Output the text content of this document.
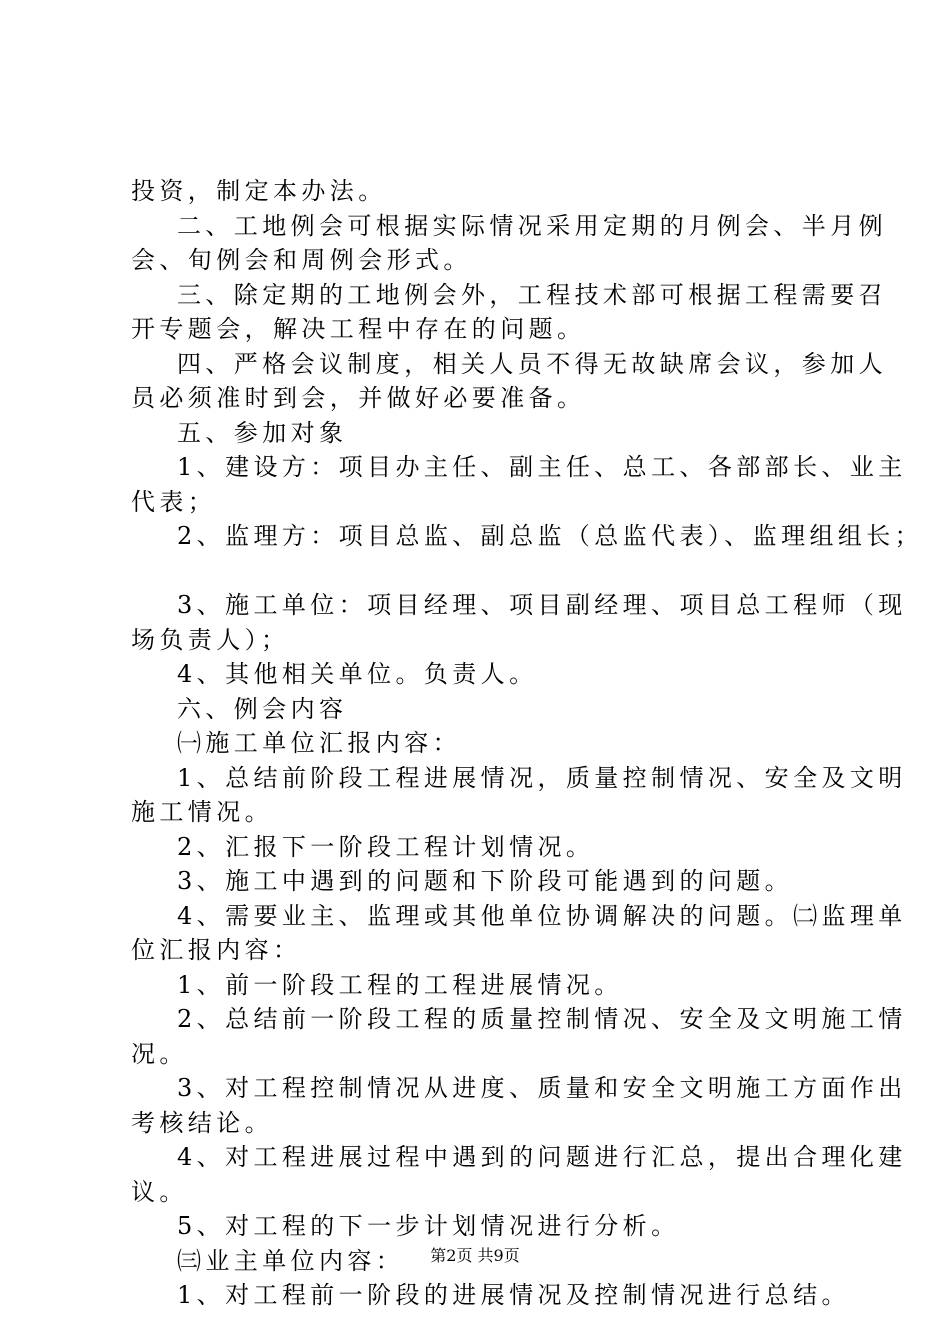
投资，制定本办法。
二、工地例会可根据实际情况采用定期的月例会、半月例
会、旬例会和周例会形式。
三、除定期的工地例会外，工程技术部可根据工程需要召
开专题会，解决工程中存在的问题。
四、严格会议制度，相关人员不得无故缺席会议，参加人
员必须准时到会，并做好必要准备。
五、参加对象
1、建设方：项目办主任、副主任、总工、各部部长、业主
代表；
2、监理方：项目总监、副总监（总监代表）、监理组组长；
3、施工单位：项目经理、项目副经理、项目总工程师（现
场负责人）；
4、其他相关单位。负责人。
六、例会内容
㈠施工单位汇报内容：
1、总结前阶段工程进展情况，质量控制情况、安全及文明
施工情况。
2、汇报下一阶段工程计划情况。
3、施工中遇到的问题和下阶段可能遇到的问题。
4、需要业主、监理或其他单位协调解决的问题。㈡监理单
位汇报内容：
1、前一阶段工程的工程进展情况。
2、总结前一阶段工程的质量控制情况、安全及文明施工情
况。
3、对工程控制情况从进度、质量和安全文明施工方面作出
考核结论。
4、对工程进展过程中遇到的问题进行汇总，提出合理化建
议。
5、对工程的下一步计划情况进行分析。
㈢业主单位内容：
1、对工程前一阶段的进展情况及控制情况进行总结。
第2页 共9页
